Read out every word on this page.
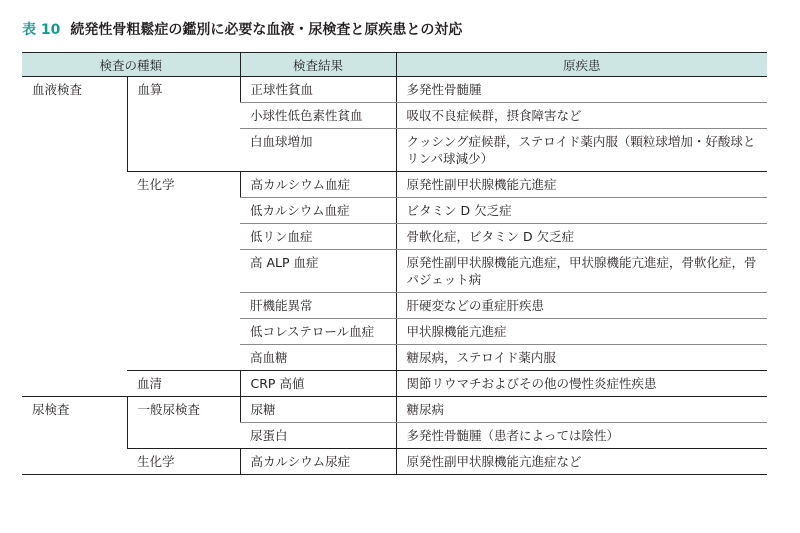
表 10 続発性骨粗鬆症の鑑別に必要な血液・尿検査と原疾患との対応
検査の種類		検査結果	原疾患
血液検査	血算	正球性貧血	多発性骨髄腫
		小球性低色素性貧血	吸収不良症候群，摂食障害など
		白血球増加	クッシング症候群，ステロイド薬内服（顆粒球増加・好酸球とリンパ球減少）
	生化学	高カルシウム血症	原発性副甲状腺機能亢進症
		低カルシウム血症	ビタミン D 欠乏症
		低リン血症	骨軟化症，ビタミン D 欠乏症
		高 ALP 血症	原発性副甲状腺機能亢進症，甲状腺機能亢進症，骨軟化症，骨パジェット病
		肝機能異常	肝硬変などの重症肝疾患
		低コレステロール血症	甲状腺機能亢進症
		高血糖	糖尿病，ステロイド薬内服
	血清	CRP 高値	関節リウマチおよびその他の慢性炎症性疾患
尿検査	一般尿検査	尿糖	糖尿病
		尿蛋白	多発性骨髄腫（患者によっては陰性）
	生化学	高カルシウム尿症	原発性副甲状腺機能亢進症など
